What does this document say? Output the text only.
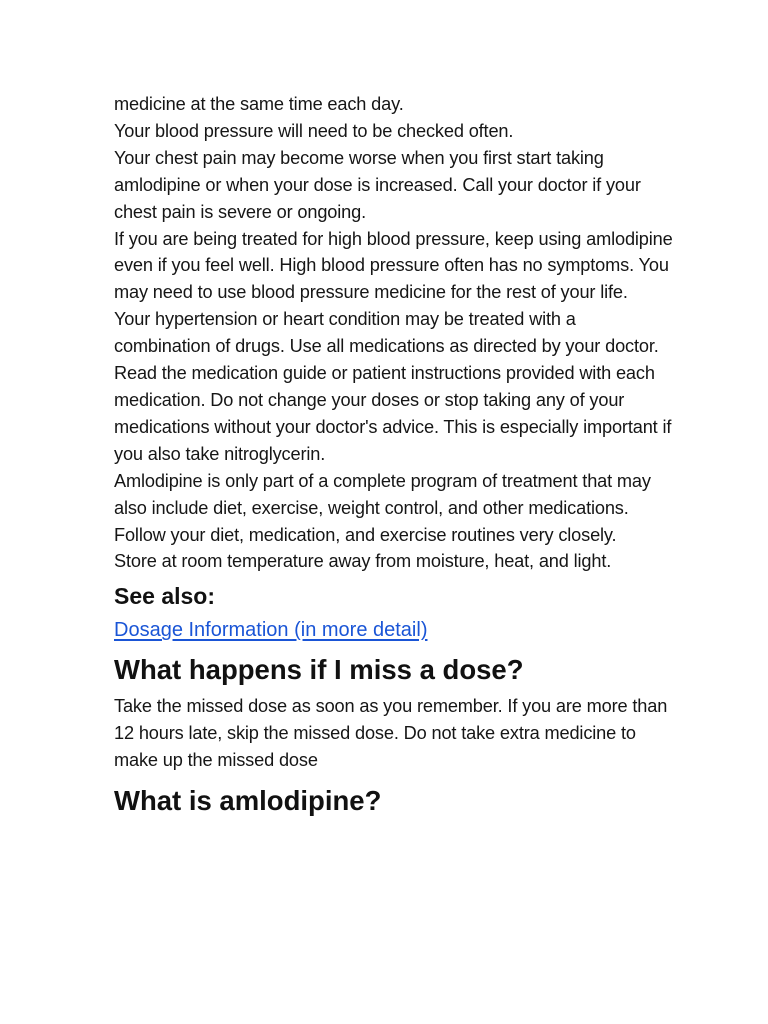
medicine at the same time each day.

Your blood pressure will need to be checked often.

Your chest pain may become worse when you first start taking amlodipine or when your dose is increased. Call your doctor if your chest pain is severe or ongoing.

If you are being treated for high blood pressure, keep using amlodipine even if you feel well. High blood pressure often has no symptoms. You may need to use blood pressure medicine for the rest of your life.

Your hypertension or heart condition may be treated with a combination of drugs. Use all medications as directed by your doctor. Read the medication guide or patient instructions provided with each medication. Do not change your doses or stop taking any of your medications without your doctor's advice. This is especially important if you also take nitroglycerin.

Amlodipine is only part of a complete program of treatment that may also include diet, exercise, weight control, and other medications. Follow your diet, medication, and exercise routines very closely.

Store at room temperature away from moisture, heat, and light.

See also:
Dosage Information (in more detail)
What happens if I miss a dose?

Take the missed dose as soon as you remember. If you are more than 12 hours late, skip the missed dose. Do not take extra medicine to make up the missed dose

What is amlodipine?
